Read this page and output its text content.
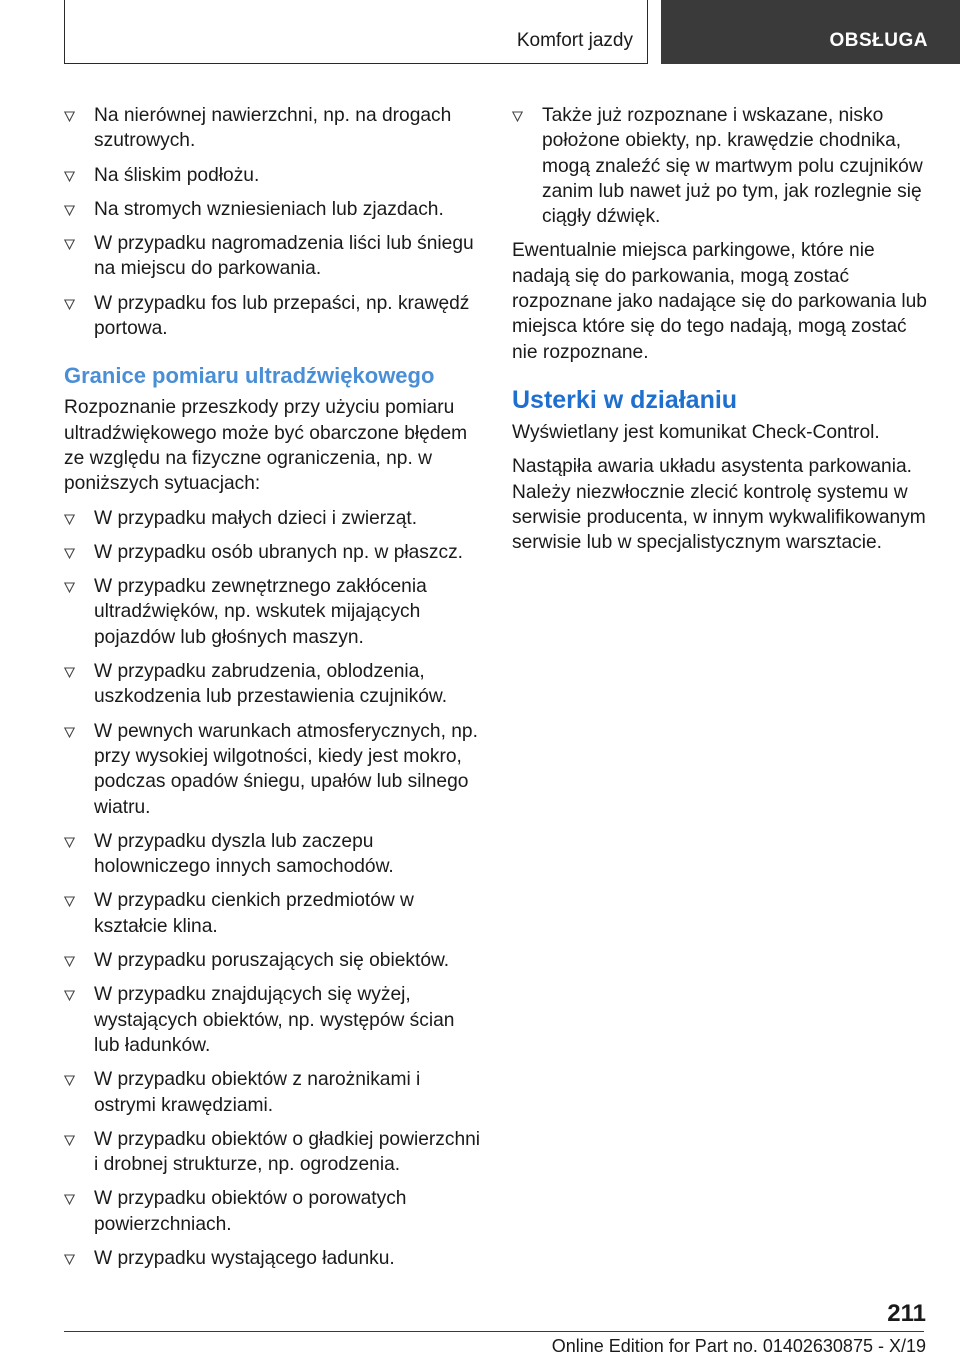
Komfort jazdy	OBSŁUGA
Na nierównej nawierzchni, np. na drogach szutrowych.
Na śliskim podłożu.
Na stromych wzniesieniach lub zjazdach.
W przypadku nagromadzenia liści lub śniegu na miejscu do parkowania.
W przypadku fos lub przepaści, np. krawędź portowa.
Granice pomiaru ultradźwiękowego

Rozpoznanie przeszkody przy użyciu pomiaru ultradźwiękowego może być obarczone błędem ze względu na fizyczne ograniczenia, np. w poniższych sytuacjach:

W przypadku małych dzieci i zwierząt.
W przypadku osób ubranych np. w płaszcz.
W przypadku zewnętrznego zakłócenia ultradźwięków, np. wskutek mijających pojazdów lub głośnych maszyn.
W przypadku zabrudzenia, oblodzenia, uszkodzenia lub przestawienia czujników.
W pewnych warunkach atmosferycznych, np. przy wysokiej wilgotności, kiedy jest mokro, podczas opadów śniegu, upałów lub silnego wiatru.
W przypadku dyszla lub zaczepu holowniczego innych samochodów.
W przypadku cienkich przedmiotów w kształcie klina.
W przypadku poruszających się obiektów.
W przypadku znajdujących się wyżej, wystających obiektów, np. występów ścian lub ładunków.
W przypadku obiektów z narożnikami i ostrymi krawędziami.
W przypadku obiektów o gładkiej powierzchni i drobnej strukturze, np. ogrodzenia.
W przypadku obiektów o porowatych powierzchniach.
W przypadku wystającego ładunku.
Także już rozpoznane i wskazane, nisko położone obiekty, np. krawędzie chodnika, mogą znaleźć się w martwym polu czujników zanim lub nawet już po tym, jak rozlegnie się ciągły dźwięk.

Ewentualnie miejsca parkingowe, które nie nadają się do parkowania, mogą zostać rozpoznane jako nadające się do parkowania lub miejsca które się do tego nadają, mogą zostać nie rozpoznane.

Usterki w działaniu

Wyświetlany jest komunikat Check-Control.

Nastąpiła awaria układu asystenta parkowania. Należy niezwłocznie zlecić kontrolę systemu w serwisie producenta, w innym wykwalifikowanym serwisie lub w specjalistycznym warsztacie.

211
Online Edition for Part no. 01402630875 - X/19
